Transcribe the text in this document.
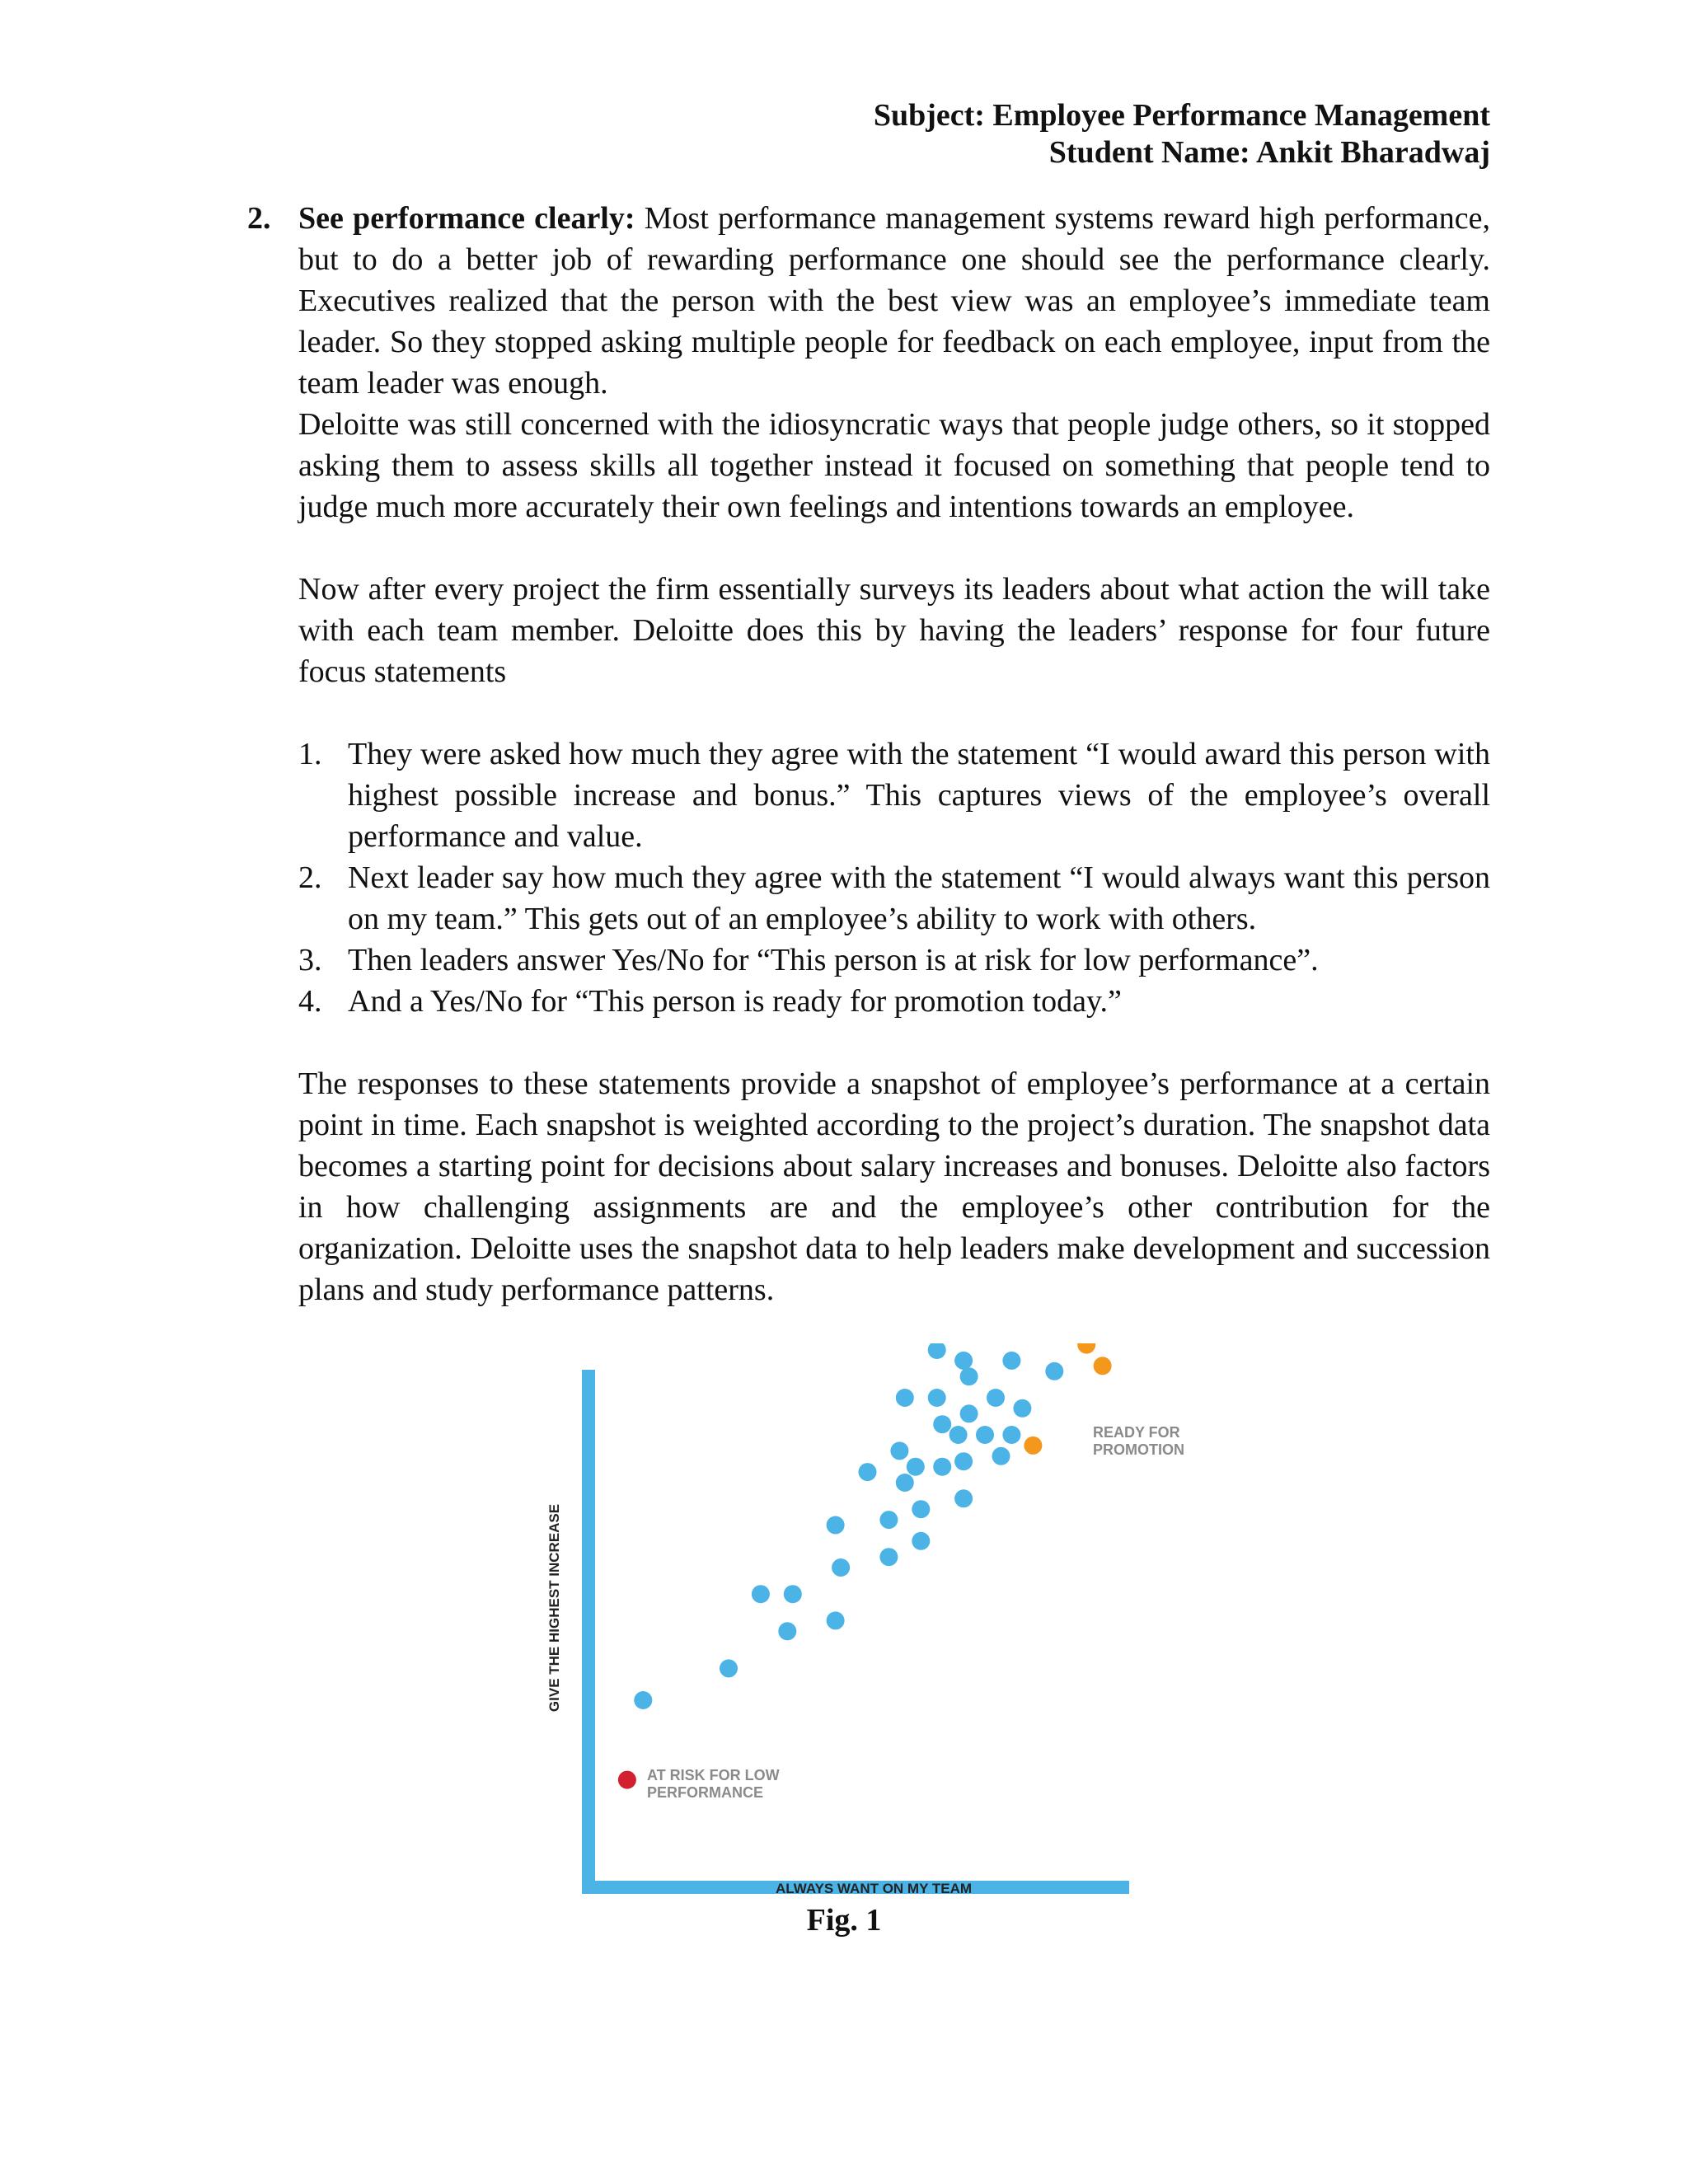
Subject: Employee Performance Management
Student Name: Ankit Bharadwaj
2. See performance clearly: Most performance management systems reward high performance, but to do a better job of rewarding performance one should see the performance clearly. Executives realized that the person with the best view was an employee’s immediate team leader. So they stopped asking multiple people for feedback on each employee, input from the team leader was enough.

Deloitte was still concerned with the idiosyncratic ways that people judge others, so it stopped asking them to assess skills all together instead it focused on something that people tend to judge much more accurately their own feelings and intentions towards an employee.

Now after every project the firm essentially surveys its leaders about what action the will take with each team member. Deloitte does this by having the leaders’ response for four future focus statements

1. They were asked how much they agree with the statement “I would award this person with highest possible increase and bonus.” This captures views of the employee’s overall performance and value.
2. Next leader say how much they agree with the statement “I would always want this person on my team.” This gets out of an employee’s ability to work with others.
3. Then leaders answer Yes/No for “This person is at risk for low performance”.
4. And a Yes/No for “This person is ready for promotion today.”

The responses to these statements provide a snapshot of employee’s performance at a certain point in time. Each snapshot is weighted according to the project’s duration. The snapshot data becomes a starting point for decisions about salary increases and bonuses. Deloitte also factors in how challenging assignments are and the employee’s other contribution for the organization. Deloitte uses the snapshot data to help leaders make development and succession plans and study performance patterns.

GIVE THE HIGHEST INCREASE
ALWAYS WANT ON MY TEAM
READY FOR
PROMOTION
AT RISK FOR LOW
PERFORMANCE
Fig. 1
